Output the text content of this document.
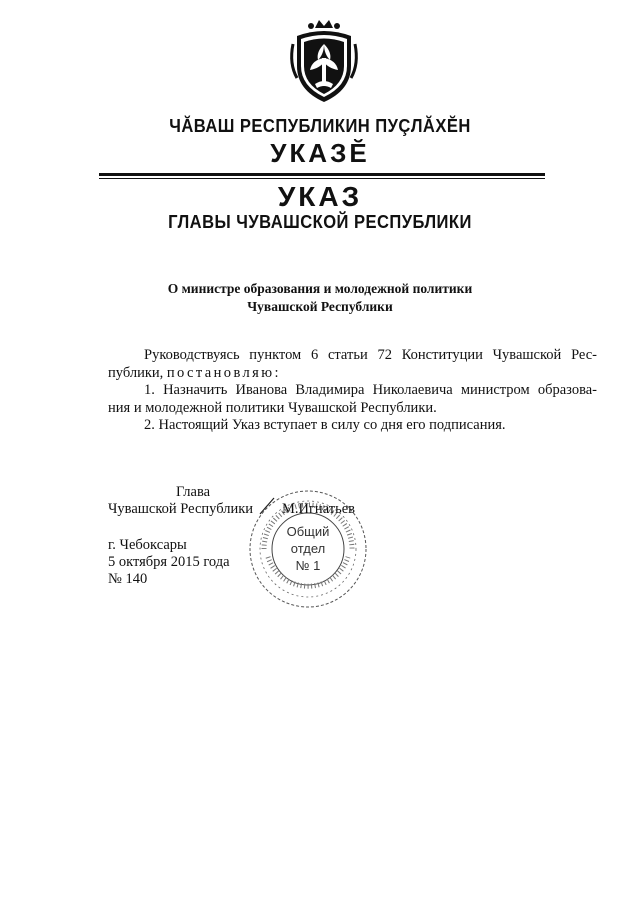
ЧĂВАШ РЕСПУБЛИКИН ПУÇЛĂХĔН
УКАЗĔ
УКАЗ
ГЛАВЫ ЧУВАШСКОЙ РЕСПУБЛИКИ
О министре образования и молодежной политики
Чувашской Республики
Руководствуясь пунктом 6 статьи 72 Конституции Чувашской Рес-
публики, постановляю:
1. Назначить Иванова Владимира Николаевича министром образова-
ния и молодежной политики Чувашской Республики.
2. Настоящий Указ вступает в силу со дня его подписания.
Общий
отдел
№ 1
Глава
Чувашской Республики М.Игнатьев
г. Чебоксары
5 октября 2015 года
№ 140
